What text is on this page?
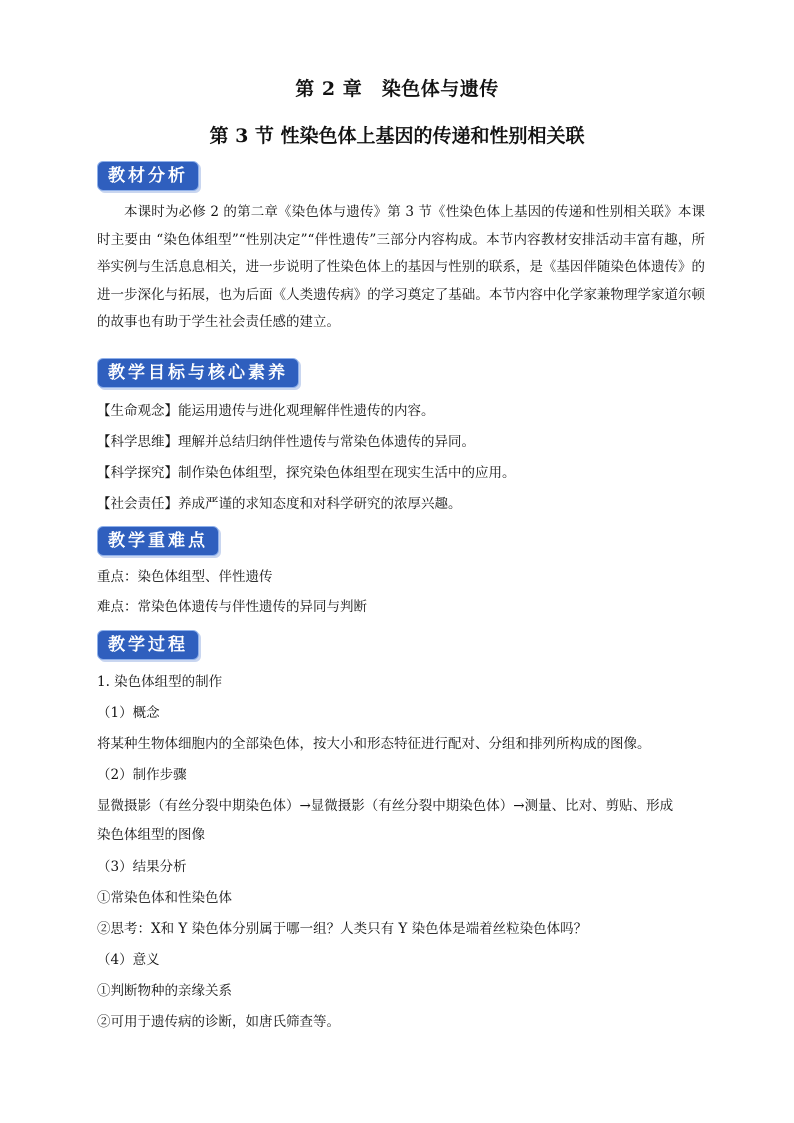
第 2 章　染色体与遗传
第 3 节 性染色体上基因的传递和性别相关联
教材分析
本课时为必修 2 的第二章《染色体与遗传》第 3 节《性染色体上基因的传递和性别相关联》本课时主要由 “染色体组型”“性别决定”“伴性遗传”三部分内容构成。本节内容教材安排活动丰富有趣，所举实例与生活息息相关，进一步说明了性染色体上的基因与性别的联系，是《基因伴随染色体遗传》的进一步深化与拓展，也为后面《人类遗传病》的学习奠定了基础。本节内容中化学家兼物理学家道尔顿的故事也有助于学生社会责任感的建立。
教学目标与核心素养
【生命观念】能运用遗传与进化观理解伴性遗传的内容。
【科学思维】理解并总结归纳伴性遗传与常染色体遗传的异同。
【科学探究】制作染色体组型，探究染色体组型在现实生活中的应用。
【社会责任】养成严谨的求知态度和对科学研究的浓厚兴趣。
教学重难点
重点：染色体组型、伴性遗传
难点：常染色体遗传与伴性遗传的异同与判断
教学过程
1. 染色体组型的制作
（1）概念
将某种生物体细胞内的全部染色体，按大小和形态特征进行配对、分组和排列所构成的图像。
（2）制作步骤
显微摄影（有丝分裂中期染色体）→显微摄影（有丝分裂中期染色体）→测量、比对、剪贴、形成
染色体组型的图像
（3）结果分析
①常染色体和性染色体
②思考：X和 Y 染色体分别属于哪一组？人类只有 Y 染色体是端着丝粒染色体吗？
（4）意义
①判断物种的亲缘关系
②可用于遗传病的诊断，如唐氏筛查等。
